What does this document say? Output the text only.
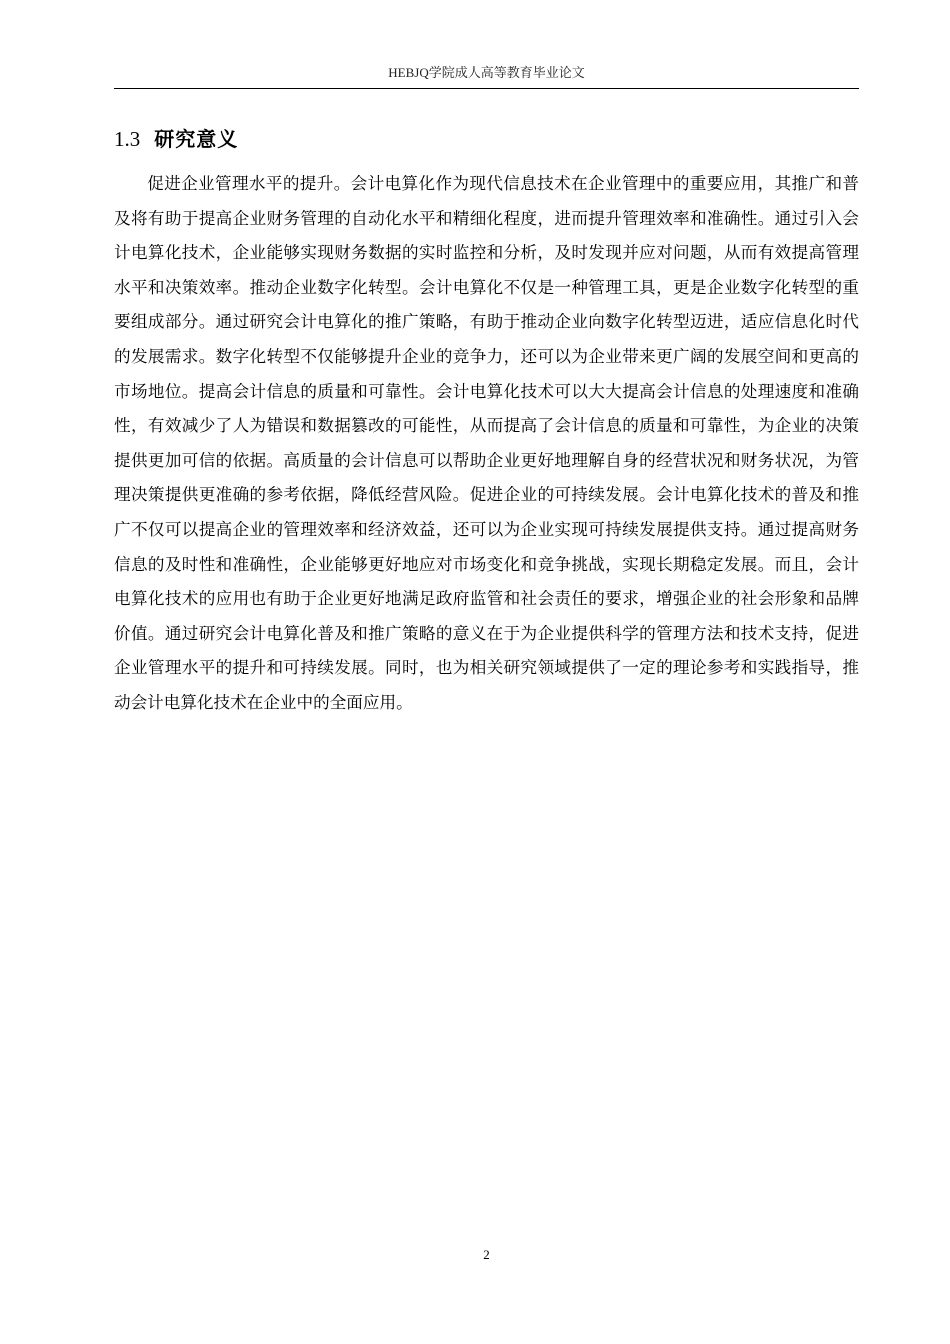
HEBJQ学院成人高等教育毕业论文
1.3 研究意义

促进企业管理水平的提升。会计电算化作为现代信息技术在企业管理中的重要应用，其推广和普及将有助于提高企业财务管理的自动化水平和精细化程度，进而提升管理效率和准确性。通过引入会计电算化技术，企业能够实现财务数据的实时监控和分析，及时发现并应对问题，从而有效提高管理水平和决策效率。推动企业数字化转型。会计电算化不仅是一种管理工具，更是企业数字化转型的重要组成部分。通过研究会计电算化的推广策略，有助于推动企业向数字化转型迈进，适应信息化时代的发展需求。数字化转型不仅能够提升企业的竞争力，还可以为企业带来更广阔的发展空间和更高的市场地位。提高会计信息的质量和可靠性。会计电算化技术可以大大提高会计信息的处理速度和准确性，有效减少了人为错误和数据篡改的可能性，从而提高了会计信息的质量和可靠性，为企业的决策提供更加可信的依据。高质量的会计信息可以帮助企业更好地理解自身的经营状况和财务状况，为管理决策提供更准确的参考依据，降低经营风险。促进企业的可持续发展。会计电算化技术的普及和推广不仅可以提高企业的管理效率和经济效益，还可以为企业实现可持续发展提供支持。通过提高财务信息的及时性和准确性，企业能够更好地应对市场变化和竞争挑战，实现长期稳定发展。而且，会计电算化技术的应用也有助于企业更好地满足政府监管和社会责任的要求，增强企业的社会形象和品牌价值。通过研究会计电算化普及和推广策略的意义在于为企业提供科学的管理方法和技术支持，促进企业管理水平的提升和可持续发展。同时，也为相关研究领域提供了一定的理论参考和实践指导，推动会计电算化技术在企业中的全面应用。

2
